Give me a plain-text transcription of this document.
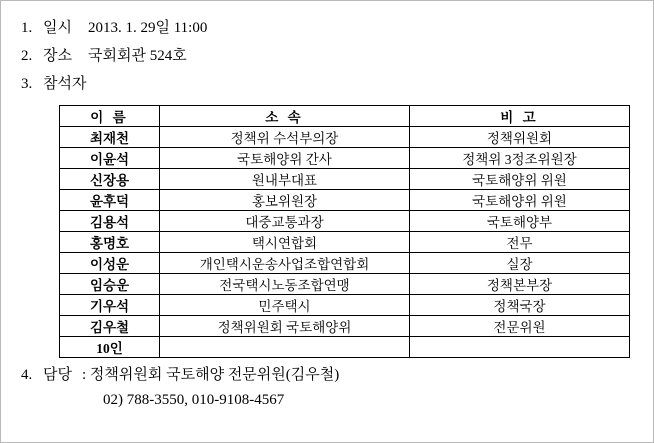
1. 일시 2013. 1. 29일 11:00
2. 장소 국회회관 524호
3. 참석자
이 름	소 속	비 고
최재천	정책위 수석부의장	정책위원회
이윤석	국토해양위 간사	정책위 3정조위원장
신장용	원내부대표	국토해양위 위원
윤후덕	홍보위원장	국토해양위 위원
김용석	대중교통과장	국토해양부
홍명호	택시연합회	전무
이성운	개인택시운송사업조합연합회	실장
임승운	전국택시노동조합연맹	정책본부장
기우석	민주택시	정책국장
김우철	정책위원회 국토해양위	전문위원
10인		
4. 담당 : 정책위원회 국토해양 전문위원(김우철)
02) 788-3550, 010-9108-4567
